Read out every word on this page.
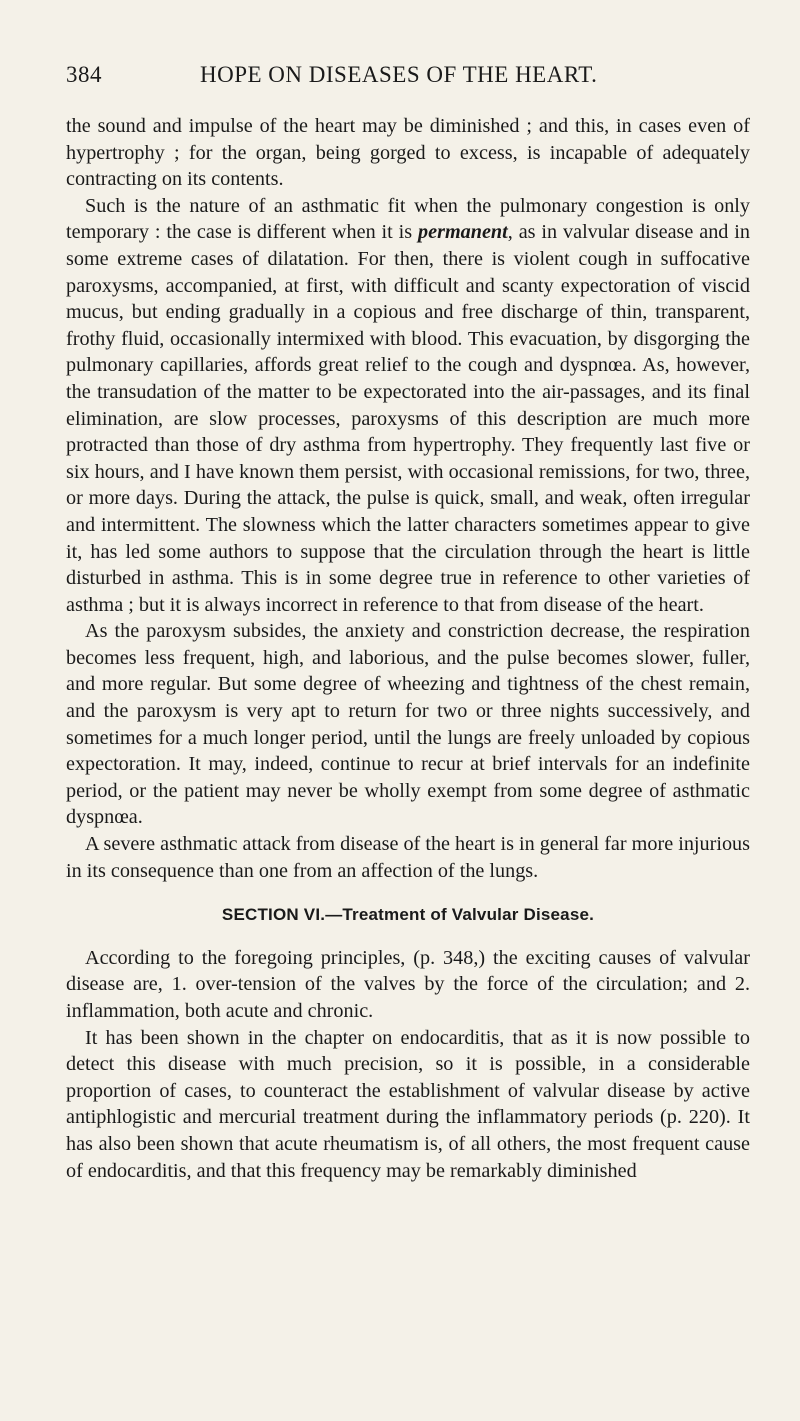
384	HOPE ON DISEASES OF THE HEART.

the sound and impulse of the heart may be diminished ; and this, in cases even of hypertrophy ; for the organ, being gorged to excess, is incapable of adequately contracting on its contents.

Such is the nature of an asthmatic fit when the pulmonary congestion is only temporary : the case is different when it is permanent, as in valvular disease and in some extreme cases of dilatation. For then, there is violent cough in suffocative paroxysms, accompanied, at first, with difficult and scanty expectoration of viscid mucus, but ending gradually in a copious and free discharge of thin, transparent, frothy fluid, occasionally intermixed with blood. This evacuation, by disgorging the pulmonary capillaries, affords great relief to the cough and dyspnœa. As, however, the transudation of the matter to be expectorated into the air-passages, and its final elimination, are slow processes, paroxysms of this description are much more protracted than those of dry asthma from hypertrophy. They frequently last five or six hours, and I have known them persist, with occasional remissions, for two, three, or more days. During the attack, the pulse is quick, small, and weak, often irregular and intermittent. The slowness which the latter characters sometimes appear to give it, has led some authors to suppose that the circulation through the heart is little disturbed in asthma. This is in some degree true in reference to other varieties of asthma ; but it is always incorrect in reference to that from disease of the heart.

As the paroxysm subsides, the anxiety and constriction decrease, the respiration becomes less frequent, high, and laborious, and the pulse becomes slower, fuller, and more regular. But some degree of wheezing and tightness of the chest remain, and the paroxysm is very apt to return for two or three nights successively, and sometimes for a much longer period, until the lungs are freely unloaded by copious expectoration. It may, indeed, continue to recur at brief intervals for an indefinite period, or the patient may never be wholly exempt from some degree of asthmatic dyspnœa.

A severe asthmatic attack from disease of the heart is in general far more injurious in its consequence than one from an affection of the lungs.

SECTION VI.—Treatment of Valvular Disease.

According to the foregoing principles, (p. 348,) the exciting causes of valvular disease are, 1. over-tension of the valves by the force of the circulation; and 2. inflammation, both acute and chronic.

It has been shown in the chapter on endocarditis, that as it is now possible to detect this disease with much precision, so it is possible, in a considerable proportion of cases, to counteract the establishment of valvular disease by active antiphlogistic and mercurial treatment during the inflammatory periods (p. 220). It has also been shown that acute rheumatism is, of all others, the most frequent cause of endocarditis, and that this frequency may be remarkably diminished
